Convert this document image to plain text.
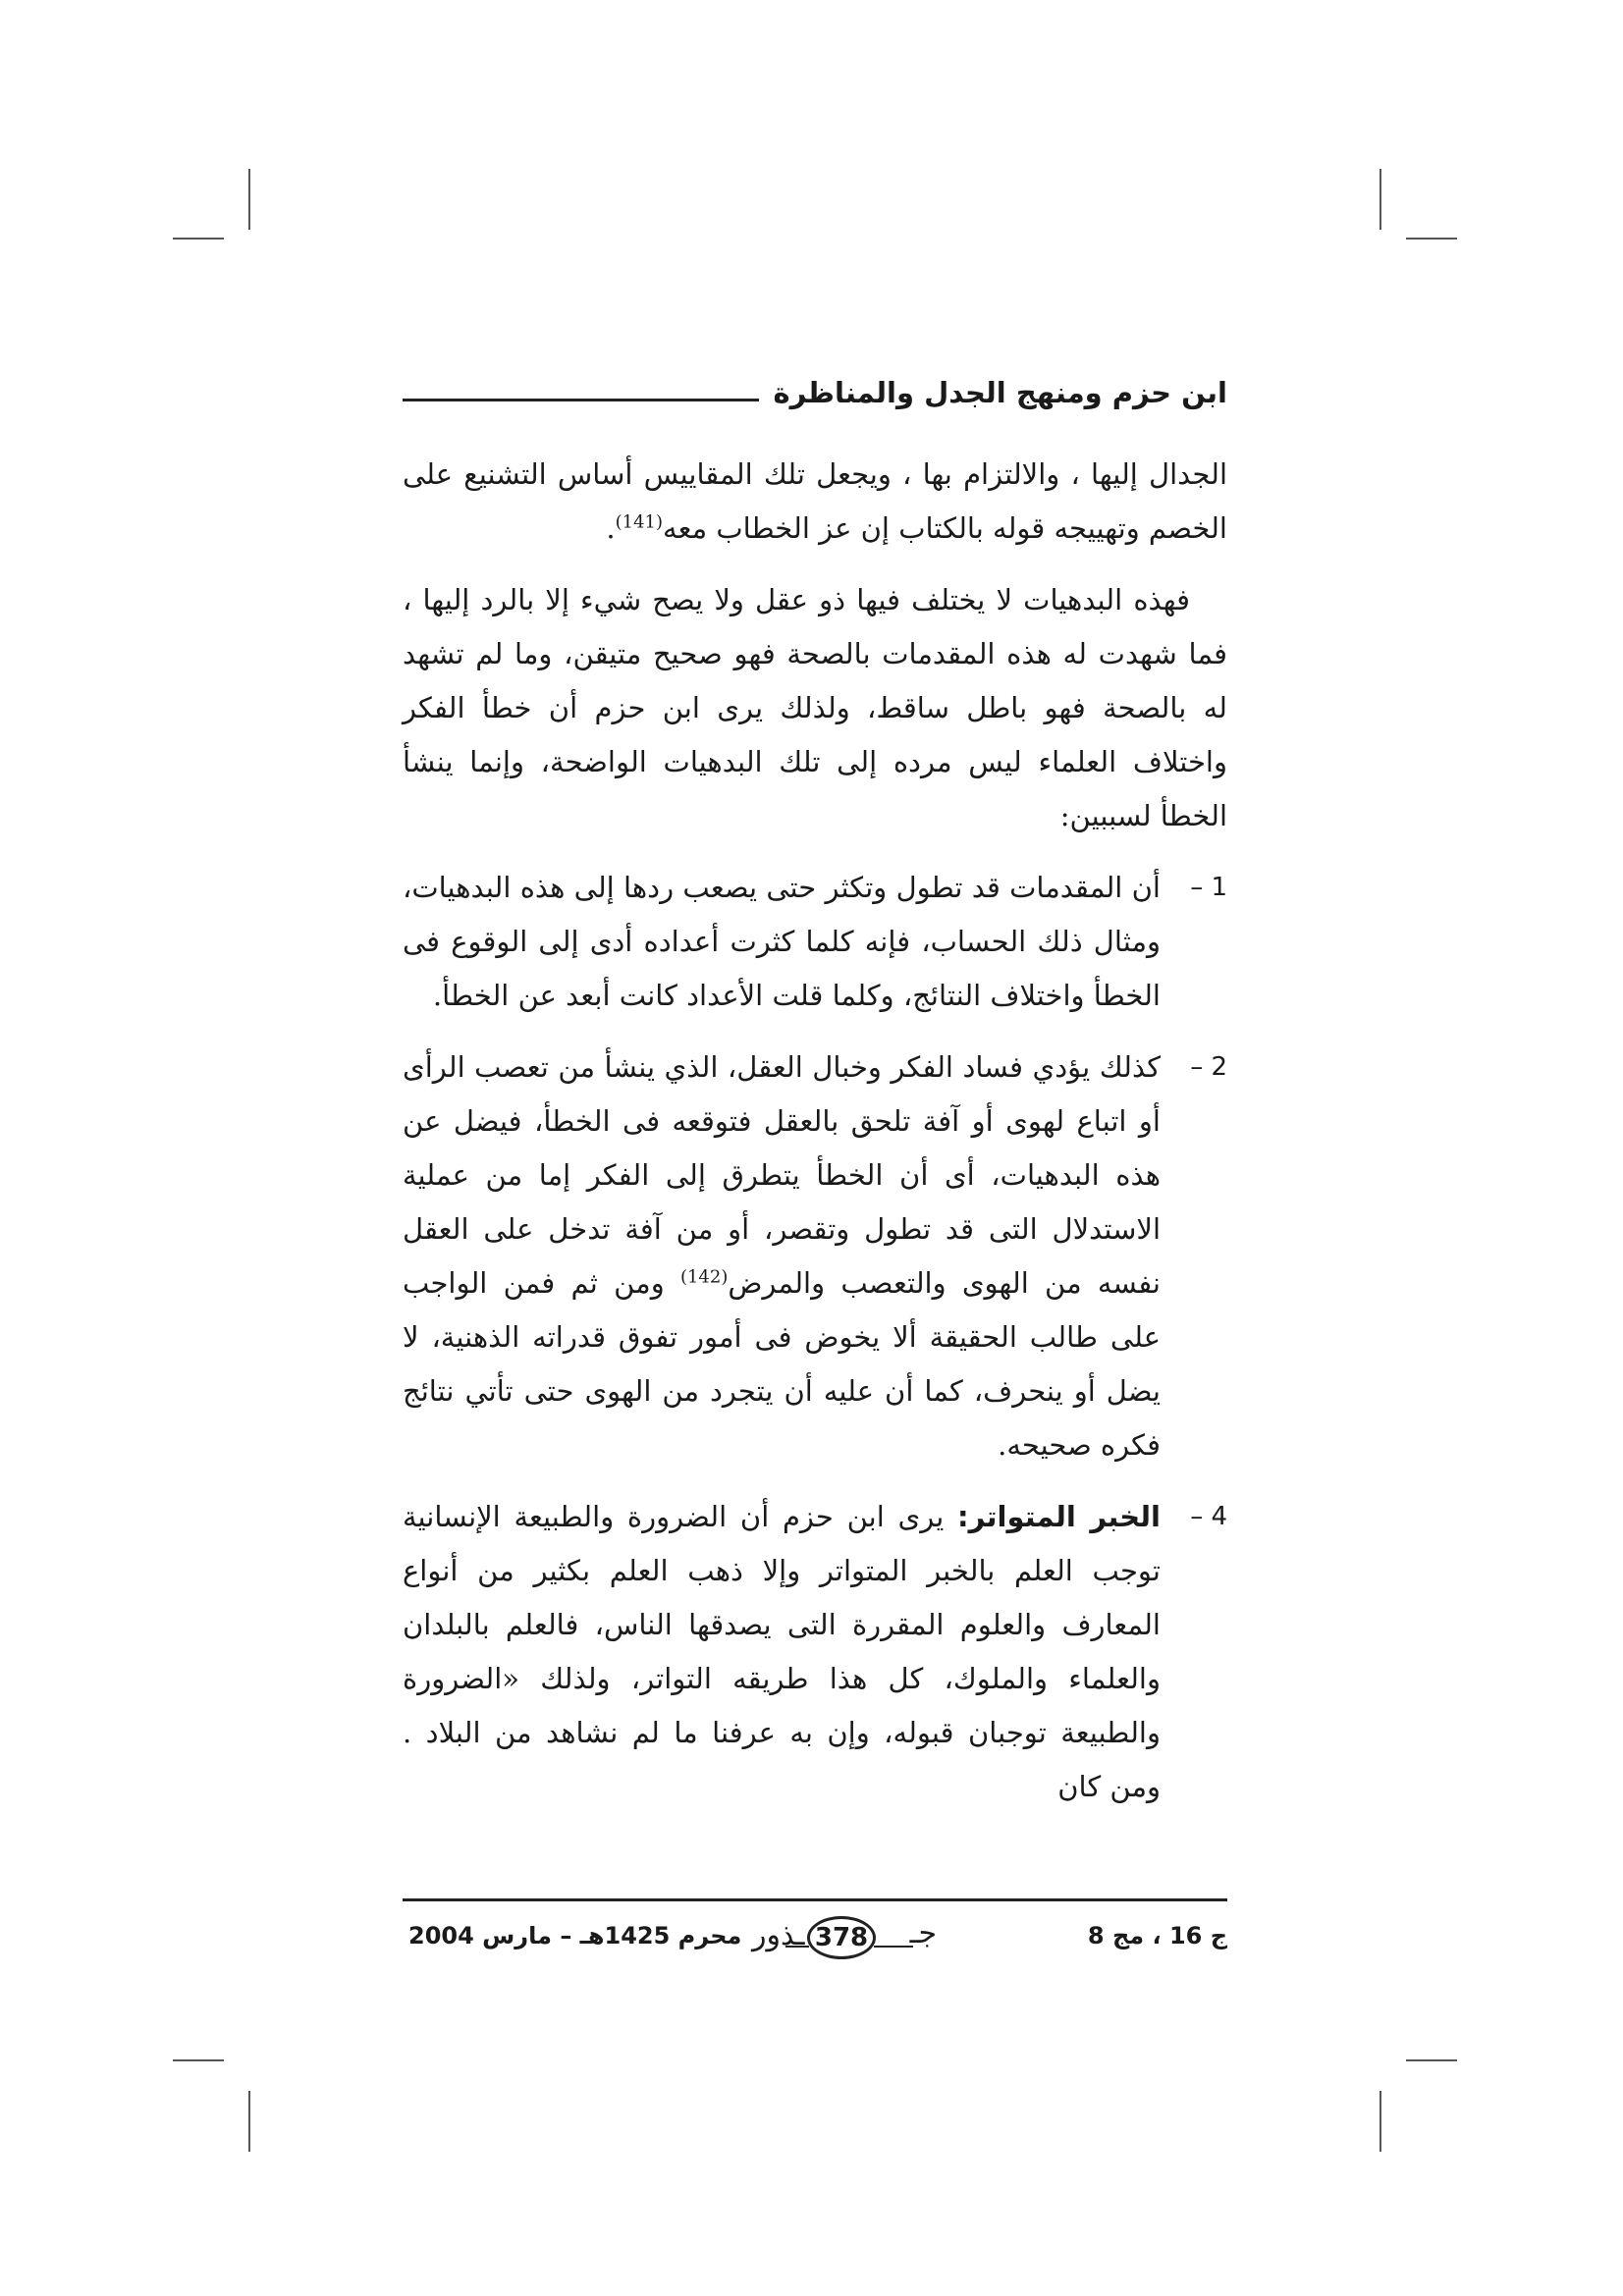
ابن حزم ومنهج الجدل والمناظرة

الجدال إليها ، والالتزام بها ، ويجعل تلك المقاييس أساس التشنيع على الخصم وتهييجه قوله بالكتاب إن عز الخطاب معه$^{(141)}$.

فهذه البدهيات لا يختلف فيها ذو عقل ولا يصح شيء إلا بالرد إليها ، فما شهدت له هذه المقدمات بالصحة فهو صحيح متيقن، وما لم تشهد له بالصحة فهو باطل ساقط، ولذلك يرى ابن حزم أن خطأ الفكر واختلاف العلماء ليس مرده إلى تلك البدهيات الواضحة، وإنما ينشأ الخطأ لسببين:

1 –
أن المقدمات قد تطول وتكثر حتى يصعب ردها إلى هذه البدهيات، ومثال ذلك الحساب، فإنه كلما كثرت أعداده أدى إلى الوقوع فى الخطأ واختلاف النتائج، وكلما قلت الأعداد كانت أبعد عن الخطأ.
2 –
كذلك يؤدي فساد الفكر وخبال العقل، الذي ينشأ من تعصب الرأى أو اتباع لهوى أو آفة تلحق بالعقل فتوقعه فى الخطأ، فيضل عن هذه البدهيات، أى أن الخطأ يتطرق إلى الفكر إما من عملية الاستدلال التى قد تطول وتقصر، أو من آفة تدخل على العقل نفسه من الهوى والتعصب والمرض$^{(142)}$ ومن ثم فمن الواجب على طالب الحقيقة ألا يخوض فى أمور تفوق قدراته الذهنية، لا يضل أو ينحرف، كما أن عليه أن يتجرد من الهوى حتى تأتي نتائج فكره صحيحه.
4 –
الخبر المتواتر: يرى ابن حزم أن الضرورة والطبيعة الإنسانية توجب العلم بالخبر المتواتر وإلا ذهب العلم بكثير من أنواع المعارف والعلوم المقررة التى يصدقها الناس، فالعلم بالبلدان والعلماء والملوك، كل هذا طريقه التواتر، ولذلك «الضرورة والطبيعة توجبان قبوله، وإن به عرفنا ما لم نشاهد من البلاد . ومن كان
ج 16 ، مج 8
ـذور 378 جـ
محرم 1425هـ – مارس 2004
